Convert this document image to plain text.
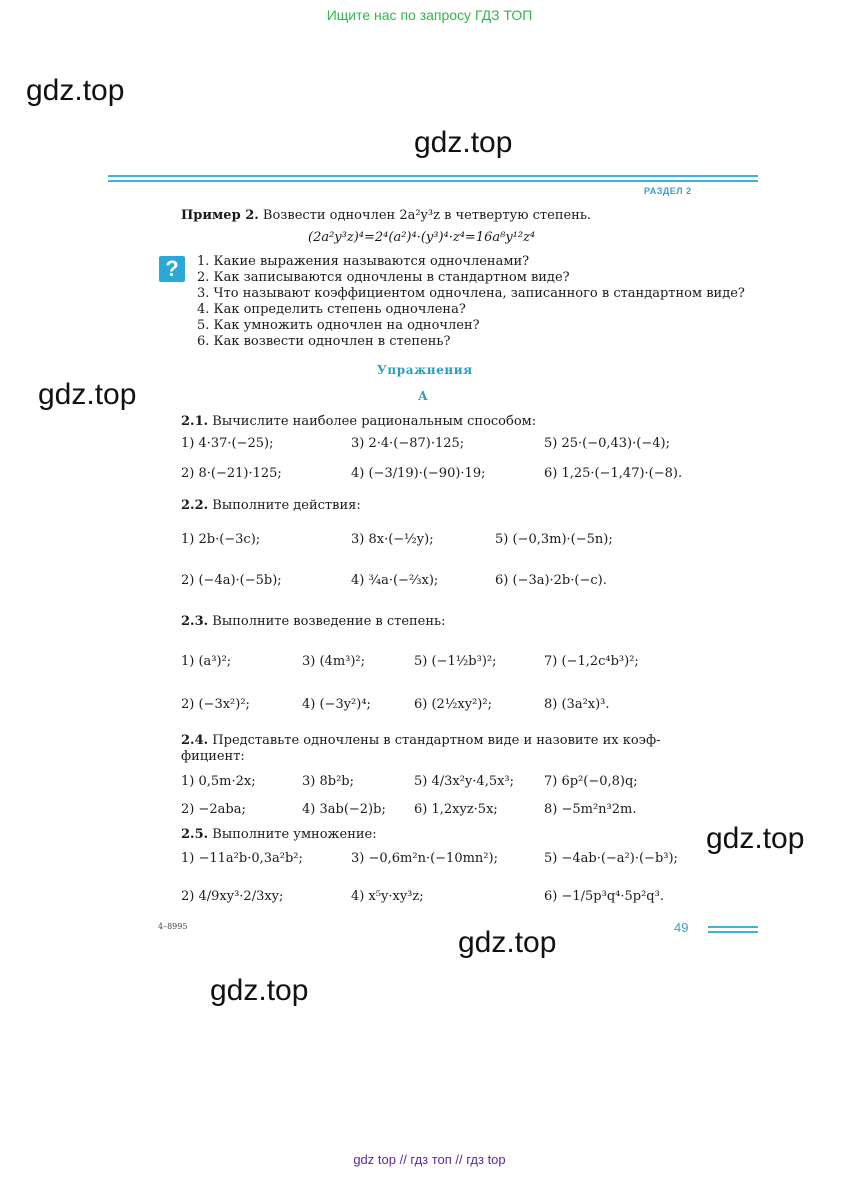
Ищите нас по запросу ГДЗ ТОП
gdz.top
gdz.top
gdz.top
gdz.top
gdz.top
gdz.top
РАЗДЕЛ 2
Пример 2. Возвести одночлен 2a²y³z в четвертую степень.
(2a²y³z)⁴=2⁴(a²)⁴·(y³)⁴·z⁴=16a⁸y¹²z⁴
?	1. Какие выражения называются одночленами?
2. Как записываются одночлены в стандартном виде?
3. Что называют коэффициентом одночлена, записанного в стандартном виде?
4. Как определить степень одночлена?
5. Как умножить одночлен на одночлен?
6. Как возвести одночлен в степень?
Упражнения
А
2.1. Вычислите наиболее рациональным способом:
1) 4·37·(−25);	3) 2·4·(−87)·125;	5) 25·(−0,43)·(−4);
2) 8·(−21)·125;	4) (−3/19)·(−90)·19;	6) 1,25·(−1,47)·(−8).
2.2. Выполните действия:
1) 2b·(−3c);	3) 8x·(−½y);	5) (−0,3m)·(−5n);
2) (−4a)·(−5b);	4) ¾a·(−⅔x);	6) (−3a)·2b·(−c).
2.3. Выполните возведение в степень:
1) (a³)²;	3) (4m³)²;	5) (−1½b³)²;	7) (−1,2c⁴b³)²;
2) (−3x²)²;	4) (−3y²)⁴;	6) (2½xy²)²;	8) (3a²x)³.
2.4. Представьте одночлены в стандартном виде и назовите их коэф-
фициент:
1) 0,5m·2x;	3) 8b²b;	5) 4/3x²y·4,5x³; 7) 6p²(−0,8)q;
2) −2aba;	4) 3ab(−2)b; 6) 1,2xyz·5x;	8) −5m²n³2m.
2.5. Выполните умножение:
1) −11a²b·0,3a²b²;	3) −0,6m²n·(−10mn²);	5) −4ab·(−a²)·(−b³);
2) 4/9xy³·2/3xy;	4) x⁵y·xy³z;	6) −1/5p³q⁴·5p²q³.
4–8995	49
gdz top // гдз топ // гдз top
